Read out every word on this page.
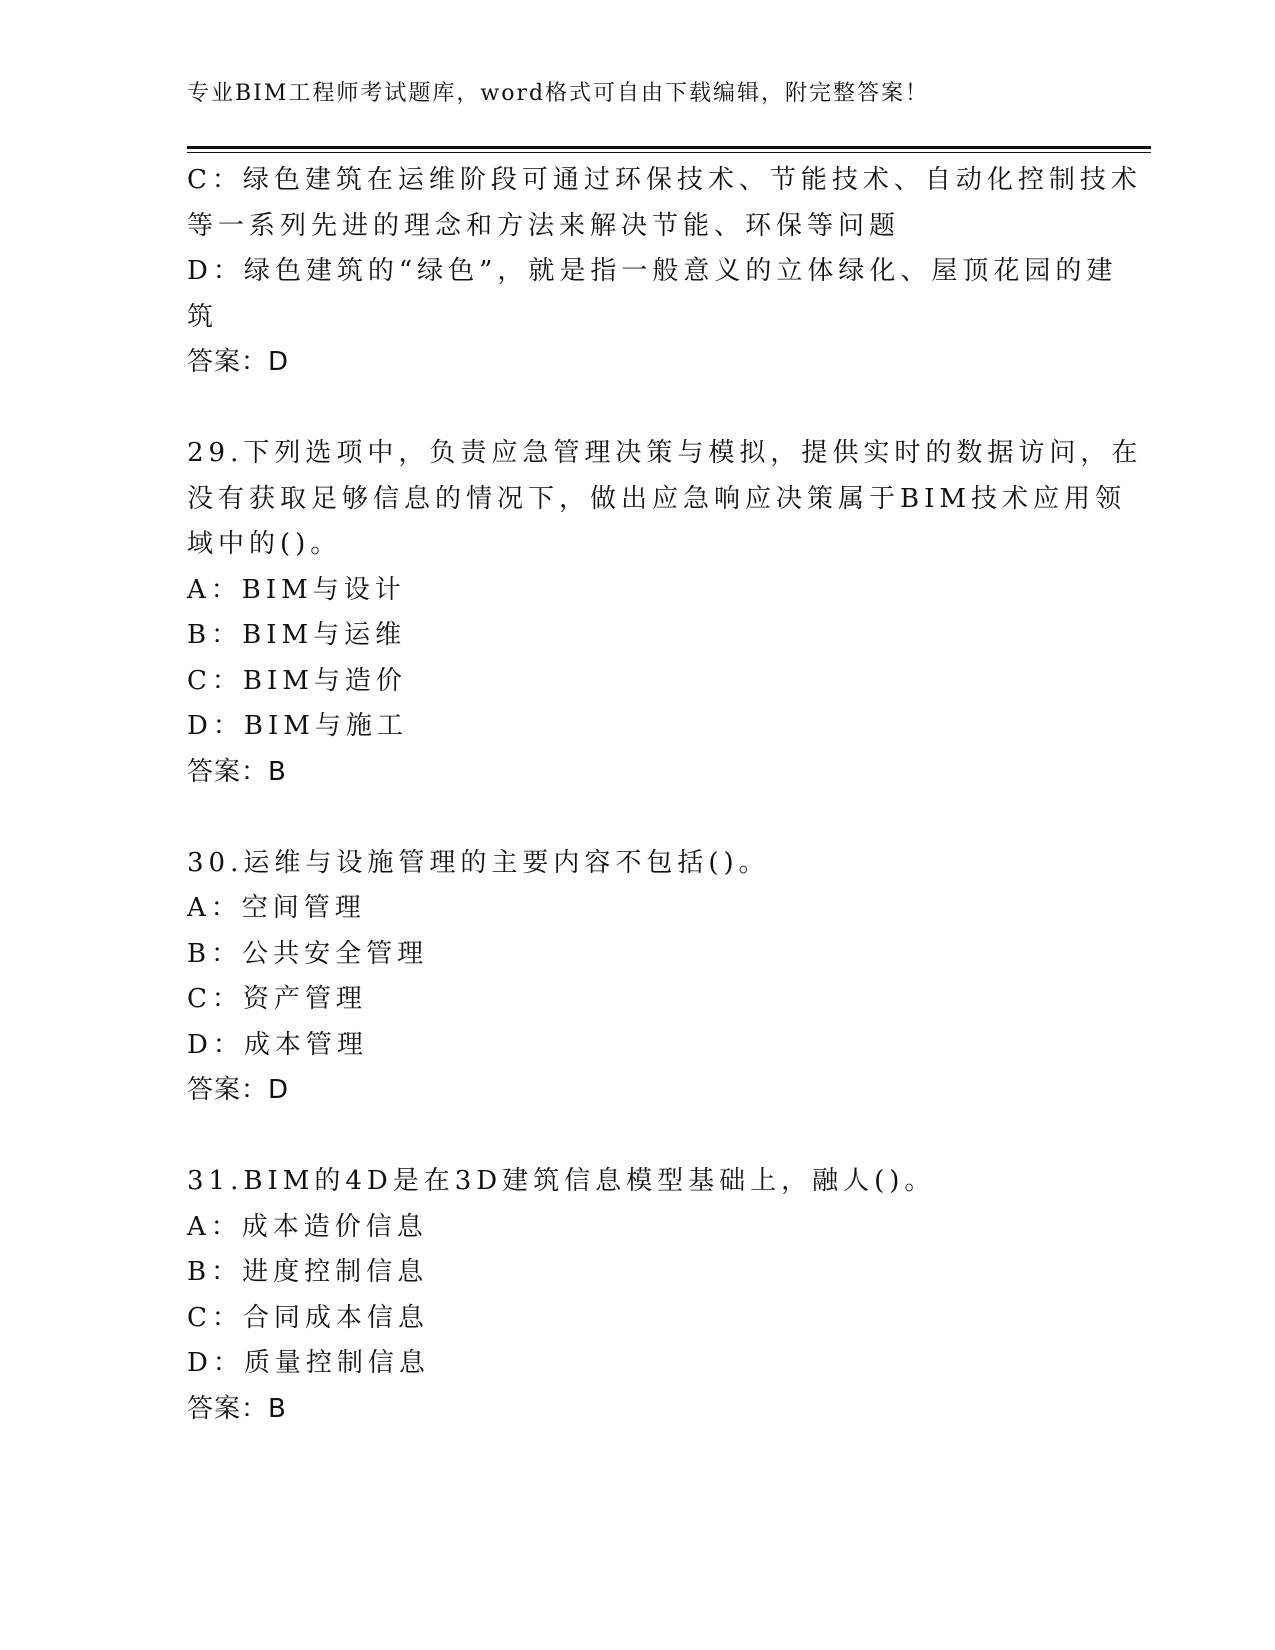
专业BIM工程师考试题库，word格式可自由下载编辑，附完整答案！
C：绿色建筑在运维阶段可通过环保技术、节能技术、自动化控制技术
等一系列先进的理念和方法来解决节能、环保等问题
D：绿色建筑的“绿色”，就是指一般意义的立体绿化、屋顶花园的建
筑
答案：D
29.下列选项中，负责应急管理决策与模拟，提供实时的数据访问，在
没有获取足够信息的情况下，做出应急响应决策属于BIM技术应用领
域中的()。
A：BIM与设计
B：BIM与运维
C：BIM与造价
D：BIM与施工
答案：B
30.运维与设施管理的主要内容不包括()。
A：空间管理
B：公共安全管理
C：资产管理
D：成本管理
答案：D
31.BIM的4D是在3D建筑信息模型基础上，融人()。
A：成本造价信息
B：进度控制信息
C：合同成本信息
D：质量控制信息
答案：B
